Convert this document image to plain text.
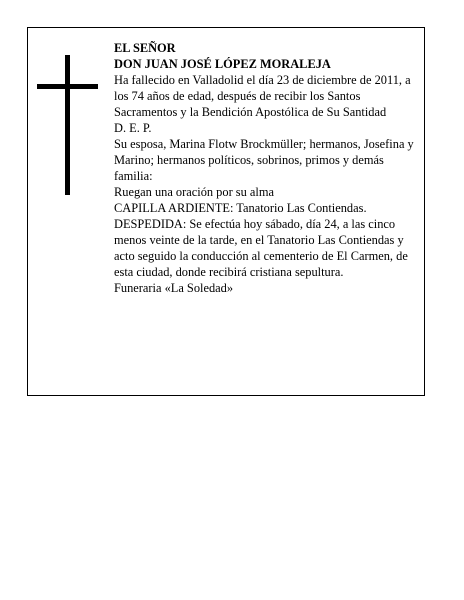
EL SEÑOR

DON JUAN JOSÉ LÓPEZ MORALEJA

Ha fallecido en Valladolid el día 23 de diciembre de 2011, a los 74 años de edad, después de recibir los Santos Sacramentos y la Bendición Apostólica de Su Santidad

D. E. P.

Su esposa, Marina Flotw Brockmüller; hermanos, Josefina y Marino; hermanos políticos, sobrinos, primos y demás familia:

Ruegan una oración por su alma

CAPILLA ARDIENTE: Tanatorio Las Contiendas.

DESPEDIDA: Se efectúa hoy sábado, día 24, a las cinco menos veinte de la tarde, en el Tanatorio Las Contiendas y acto seguido la conducción al cementerio de El Carmen, de esta ciudad, donde recibirá cristiana sepultura.

Funeraria «La Soledad»
